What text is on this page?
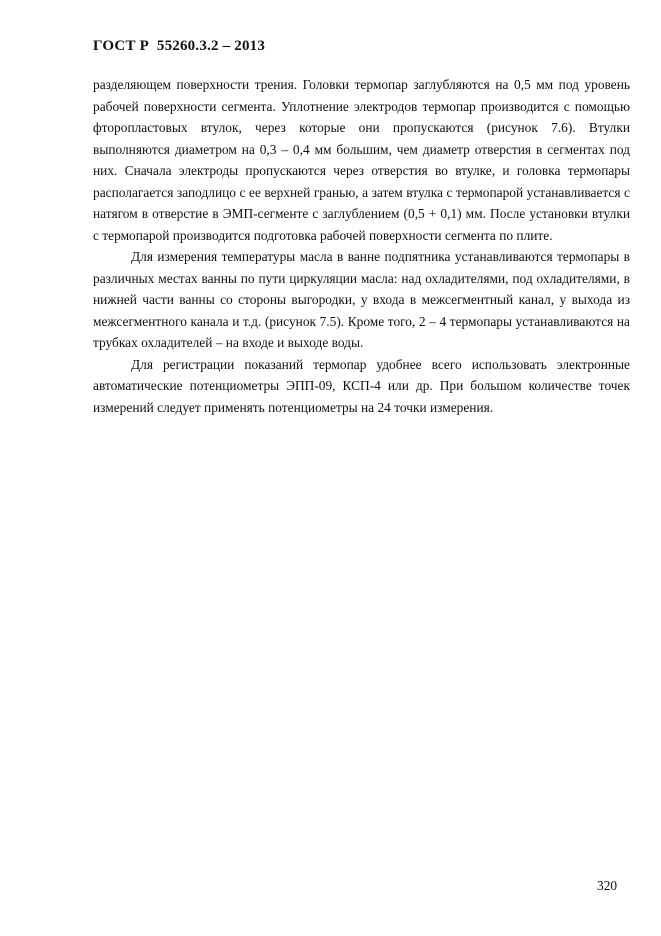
ГОСТ Р  55260.3.2 – 2013

разделяющем поверхности трения. Головки термопар заглубляются на 0,5 мм под уровень рабочей поверхности сегмента. Уплотнение электродов термопар производится с помощью фторопластовых втулок, через которые они пропускаются (рисунок 7.6). Втулки выполняются диаметром на 0,3 – 0,4 мм большим, чем диаметр отверстия в сегментах под них. Сначала электроды пропускаются через отверстия во втулке, и головка термопары располагается заподлицо с ее верхней гранью, а затем втулка с термопарой устанавливается с натягом в отверстие в ЭМП-сегменте с заглублением (0,5 + 0,1) мм. После установки втулки с термопарой производится подготовка рабочей поверхности сегмента по плите.

Для измерения температуры масла в ванне подпятника устанавливаются термопары в различных местах ванны по пути циркуляции масла: над охладителями, под охладителями, в нижней части ванны со стороны выгородки, у входа в межсегментный канал, у выхода из межсегментного канала и т.д. (рисунок 7.5). Кроме того, 2 – 4 термопары устанавливаются на трубках охладителей – на входе и выходе воды.

Для регистрации показаний термопар удобнее всего использовать электронные автоматические потенциометры ЭПП-09, КСП-4 или др. При большом количестве точек измерений следует применять потенциометры на 24 точки измерения.

320
